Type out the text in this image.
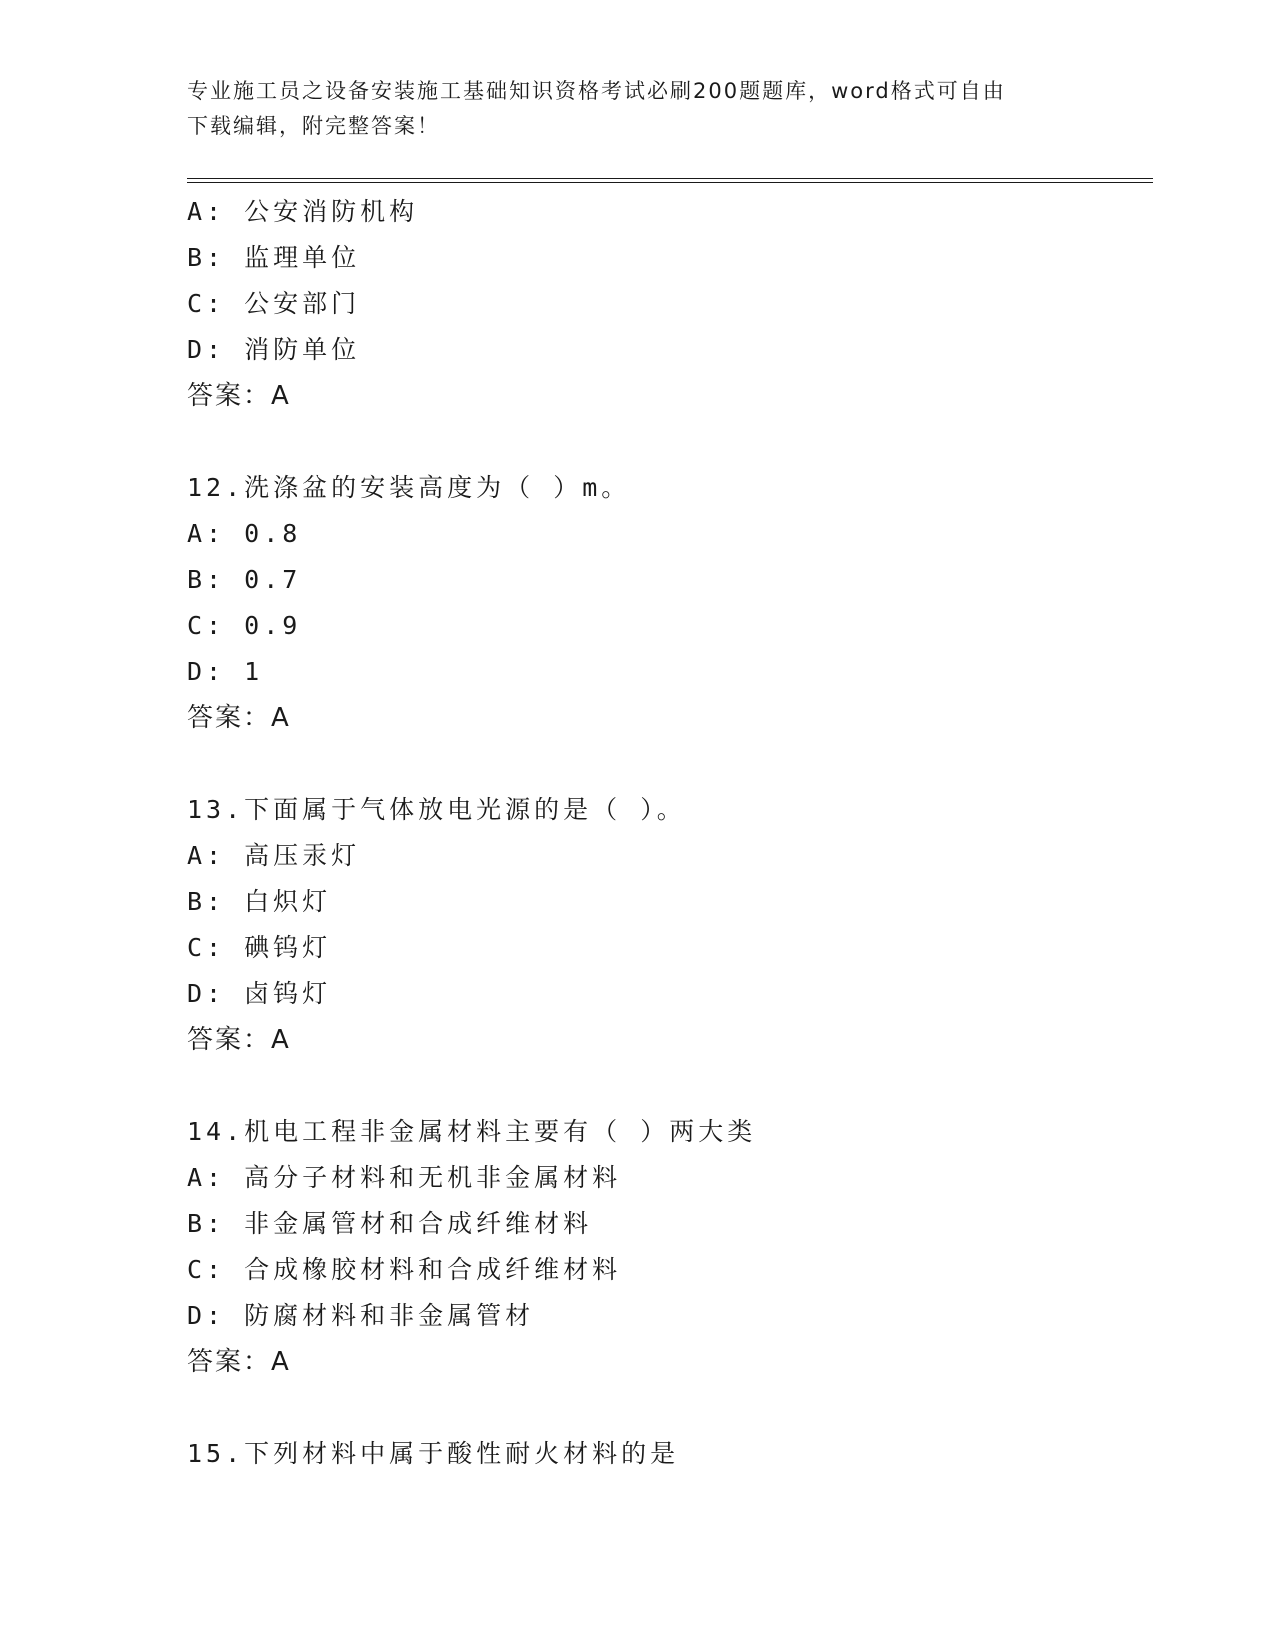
专业施工员之设备安装施工基础知识资格考试必刷200题题库，word格式可自由
下载编辑，附完整答案！
A: 公安消防机构
B: 监理单位
C: 公安部门
D: 消防单位
答案：A
12.洗涤盆的安装高度为（ ）m。
A: 0.8
B: 0.7
C: 0.9
D: 1
答案：A
13.下面属于气体放电光源的是（ ）。
A: 高压汞灯
B: 白炽灯
C: 碘钨灯
D: 卤钨灯
答案：A
14.机电工程非金属材料主要有（ ）两大类
A: 高分子材料和无机非金属材料
B: 非金属管材和合成纤维材料
C: 合成橡胶材料和合成纤维材料
D: 防腐材料和非金属管材
答案：A
15.下列材料中属于酸性耐火材料的是
